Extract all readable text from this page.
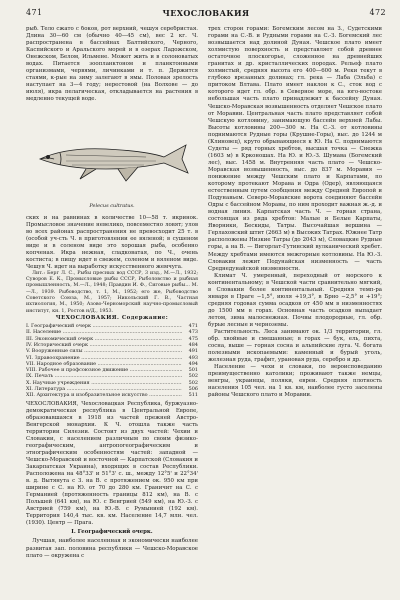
471	ЧЕХОСЛОВАКИЯ	472

рыб. Тело сжато с боков, рот верхний, чешуя серебристая. Длина 30—60 см (обычно 40—45 см), вес 2 кг. Ч. распространена в бассейнах Балтийского, Черного, Каспийского и Аральского морей и в озерах Ладожском, Онежском, Белом, Ильмене. Может жить и в солоноватых водах. Питается зоопланктоном и планктонными организмами, червями, личинками и т. п. Держится стаями, к-рые на зиму залегают в ямы. Половая зрелость наступает на 3—4 году; нерестовой (на Волхове — до июля), икра пелагическая, откладывается на растения в медленно текущей воде.

Pelecus cultratus.

ских и на равнинах в количестве 10—58 т. икринок. Промысловое значение невелико, повсеместно ловят; улов во всех районах распространения не превосходит 25 т. в (особой уч-сть Ч. в приготовлении ее вяленой; в сушеном виде и в соленом виде это хорошая рыба, особенно копченая. Икра нежная, сладковатая, по Ч., очень костиста; в пищу идет в свежем, соленом и вяленом виде. Чешуя Ч. идет на выработку искусственного жемчуга.

Лит.: Берг Л. С., Рыбы пресных вод СССР, 3 изд., М.—Л., 1932; Суворов Е. К., Промысловые рыбы СССР, Рыболовство и рыбная промышленность, М.—Л., 1948; Правдин И. Ф., Сиговые рыбы... М.—Л., 1939. Рыбоводство, т. 1, М., 1952; его же, Рыбоводство Советского Союза, М., 1957; Никольский Г. В., Частная ихтиология, М., 1950; Азово-Черноморский научно-промысловый институт, кн. 1, Ростов н/Д., 1953.

ЧЕХОСЛОВАКИЯ. Содержание:
I. Географический очерк .....	471
II. Население .....	473
III. Экономический очерк .....	475
IV. Исторический очерк .....	484
V. Вооруженные силы .....	491
VI. Здравоохранение .....	493
VII. Народное образование .....	494
VIII. Рабочее и профсоюзное движение .....	501
IX. Печать .....	502
X. Научные учреждения .....	502
XI. Литература .....	506
XII. Архитектура и изобразительное искусство .....	511

ЧЕХОСЛОВАКИЯ, Чехословацкая Республика, буржуазно-демократическая республика в Центральной Европе, образовавшаяся в 1918 из частей прежней Австро-Венгерской монархии. К Ч. отошла также часть территории Силезии. Состоит из двух частей: Чехии и Словакии, с населением различным по своим физико-географическим, антропогеографическим и этнографическим особенностям частей: западной — Чешско-Моравской и восточной — Карпатской (Словакия и Закарпатская Украина), входящих в состав Республики. Расположена на 48°33' и 51°3' с. ш., между 12°5' и 22°34' в. д. Вытянута с З. на В. с протяжением ок. 950 км при ширине с С. на Ю. от 70 до 280 км. Граничит на С. с Германией (протяженность границы 812 км), на В. с Польшей (641 км), на Ю. с Венгрией (549 км), на Ю.-З. с Австрией (759 км), на Ю.-В. с Румынией (192 км). Территория 140,4 тыс. кв. км. Население 14,7 млн. чел. (1930). Центр — Прага.

I. Географический очерк.

Лучшая, наиболее населенная и экономически наиболее развитая зап. половина республики — Чешско-Моравское плато — окружена с

трех сторон горами: Богемским лесом на З., Судетскими горами на С.-В. и Рудными горами на С.-З. Богемский лес возвышается над долиной Дуная. Чешское плато имеет холмистую поверхность и представляет собой древнее остаточное плоскогорье, сложенное на древнейших гранитах и др. кристаллических породах. Рельеф плато холмистый, средняя высота его 400—600 м. Реки текут в глубоко врезанных долинах; гл. река — Лаба (Эльба) с притоком Влтава. Плато имеет наклон к С., сток вод с которого идет гл. обр. в Северное море, на юго-востоке небольшая часть плато принадлежит к бассейну Дуная. Чешско-Моравская возвышенность отделяет Чешское плато от Моравии. Центральная часть плато представляет собой Чешскую котловину, занимающую бассейн верхней Лабы. Высоты котловины 200—300 м. На С.-З. от котловины поднимаются Рудные горы (Крушне-Горы), выс. до 1244 м (Клиновец), круто обрывающиеся к Ю. На С. поднимаются Судеты — ряд горных хребтов, высшая точка — Снежка (1603 м) в Крконошах. На Ю. и Ю.-З. Шумава (Богемский лес), выс. 1458 м. Внутренняя часть плато — Чешско-Моравская возвышенность, выс. до 837 м. Моравия — понижение между Чешским плато и Карпатами, по которому протекают Морава и Одра (Одер), являющаяся естественным путем сообщения между Средней Европой и Подунавьем. Северо-Моравские ворота соединяют бассейн Одры с бассейном Моравы, по ним проходит важная ж.-д. и водная линия. Карпатская часть Ч. — горная страна, состоящая из ряда хребтов: Малые и Белые Карпаты, Яворники, Бескиды, Татры. Высочайшая вершина — Герлаховский штит (2663 м) в Высоких Татрах. Южнее Татр расположены Низкие Татры (до 2043 м), Словацкие Рудные горы, а на В. — Вигорлат-Гутинский вулканический хребет. Между хребтами имеются межгорные котловины. На Ю.-З. Словакии лежит Подунайская низменность — часть Среднедунайской низменности.

Климат Ч. умеренный, переходный от морского к континентальному; в Чешской части сравнительно мягкий, в Словакии более континентальный. Средняя темп-ра января в Праге −1,5°, июля +19,3°, в Брно −2,5° и +19°; средняя годовая сумма осадков от 450 мм в низменностях до 1500 мм в горах. Основная часть осадков выпадает летом, зима малоснежная. Почвы плодородные, гл. обр. бурые лесные и черноземы.

Растительность. Леса занимают ок. 1/3 территории, гл. обр. хвойные и смешанные; в горах — бук, ель, пихта, сосна, выше — горная сосна и альпийские луга. Ч. богата полезными ископаемыми: каменный и бурый уголь, железная руда, графит, урановая руда, серебро и др.

Население — чехи и словаки, по вероисповеданию преимущественно католики; проживают также немцы, венгры, украинцы, поляки, евреи. Средняя плотность населения 105 чел. на 1 кв. км, наиболее густо заселены районы Чешского плато и Моравии.
